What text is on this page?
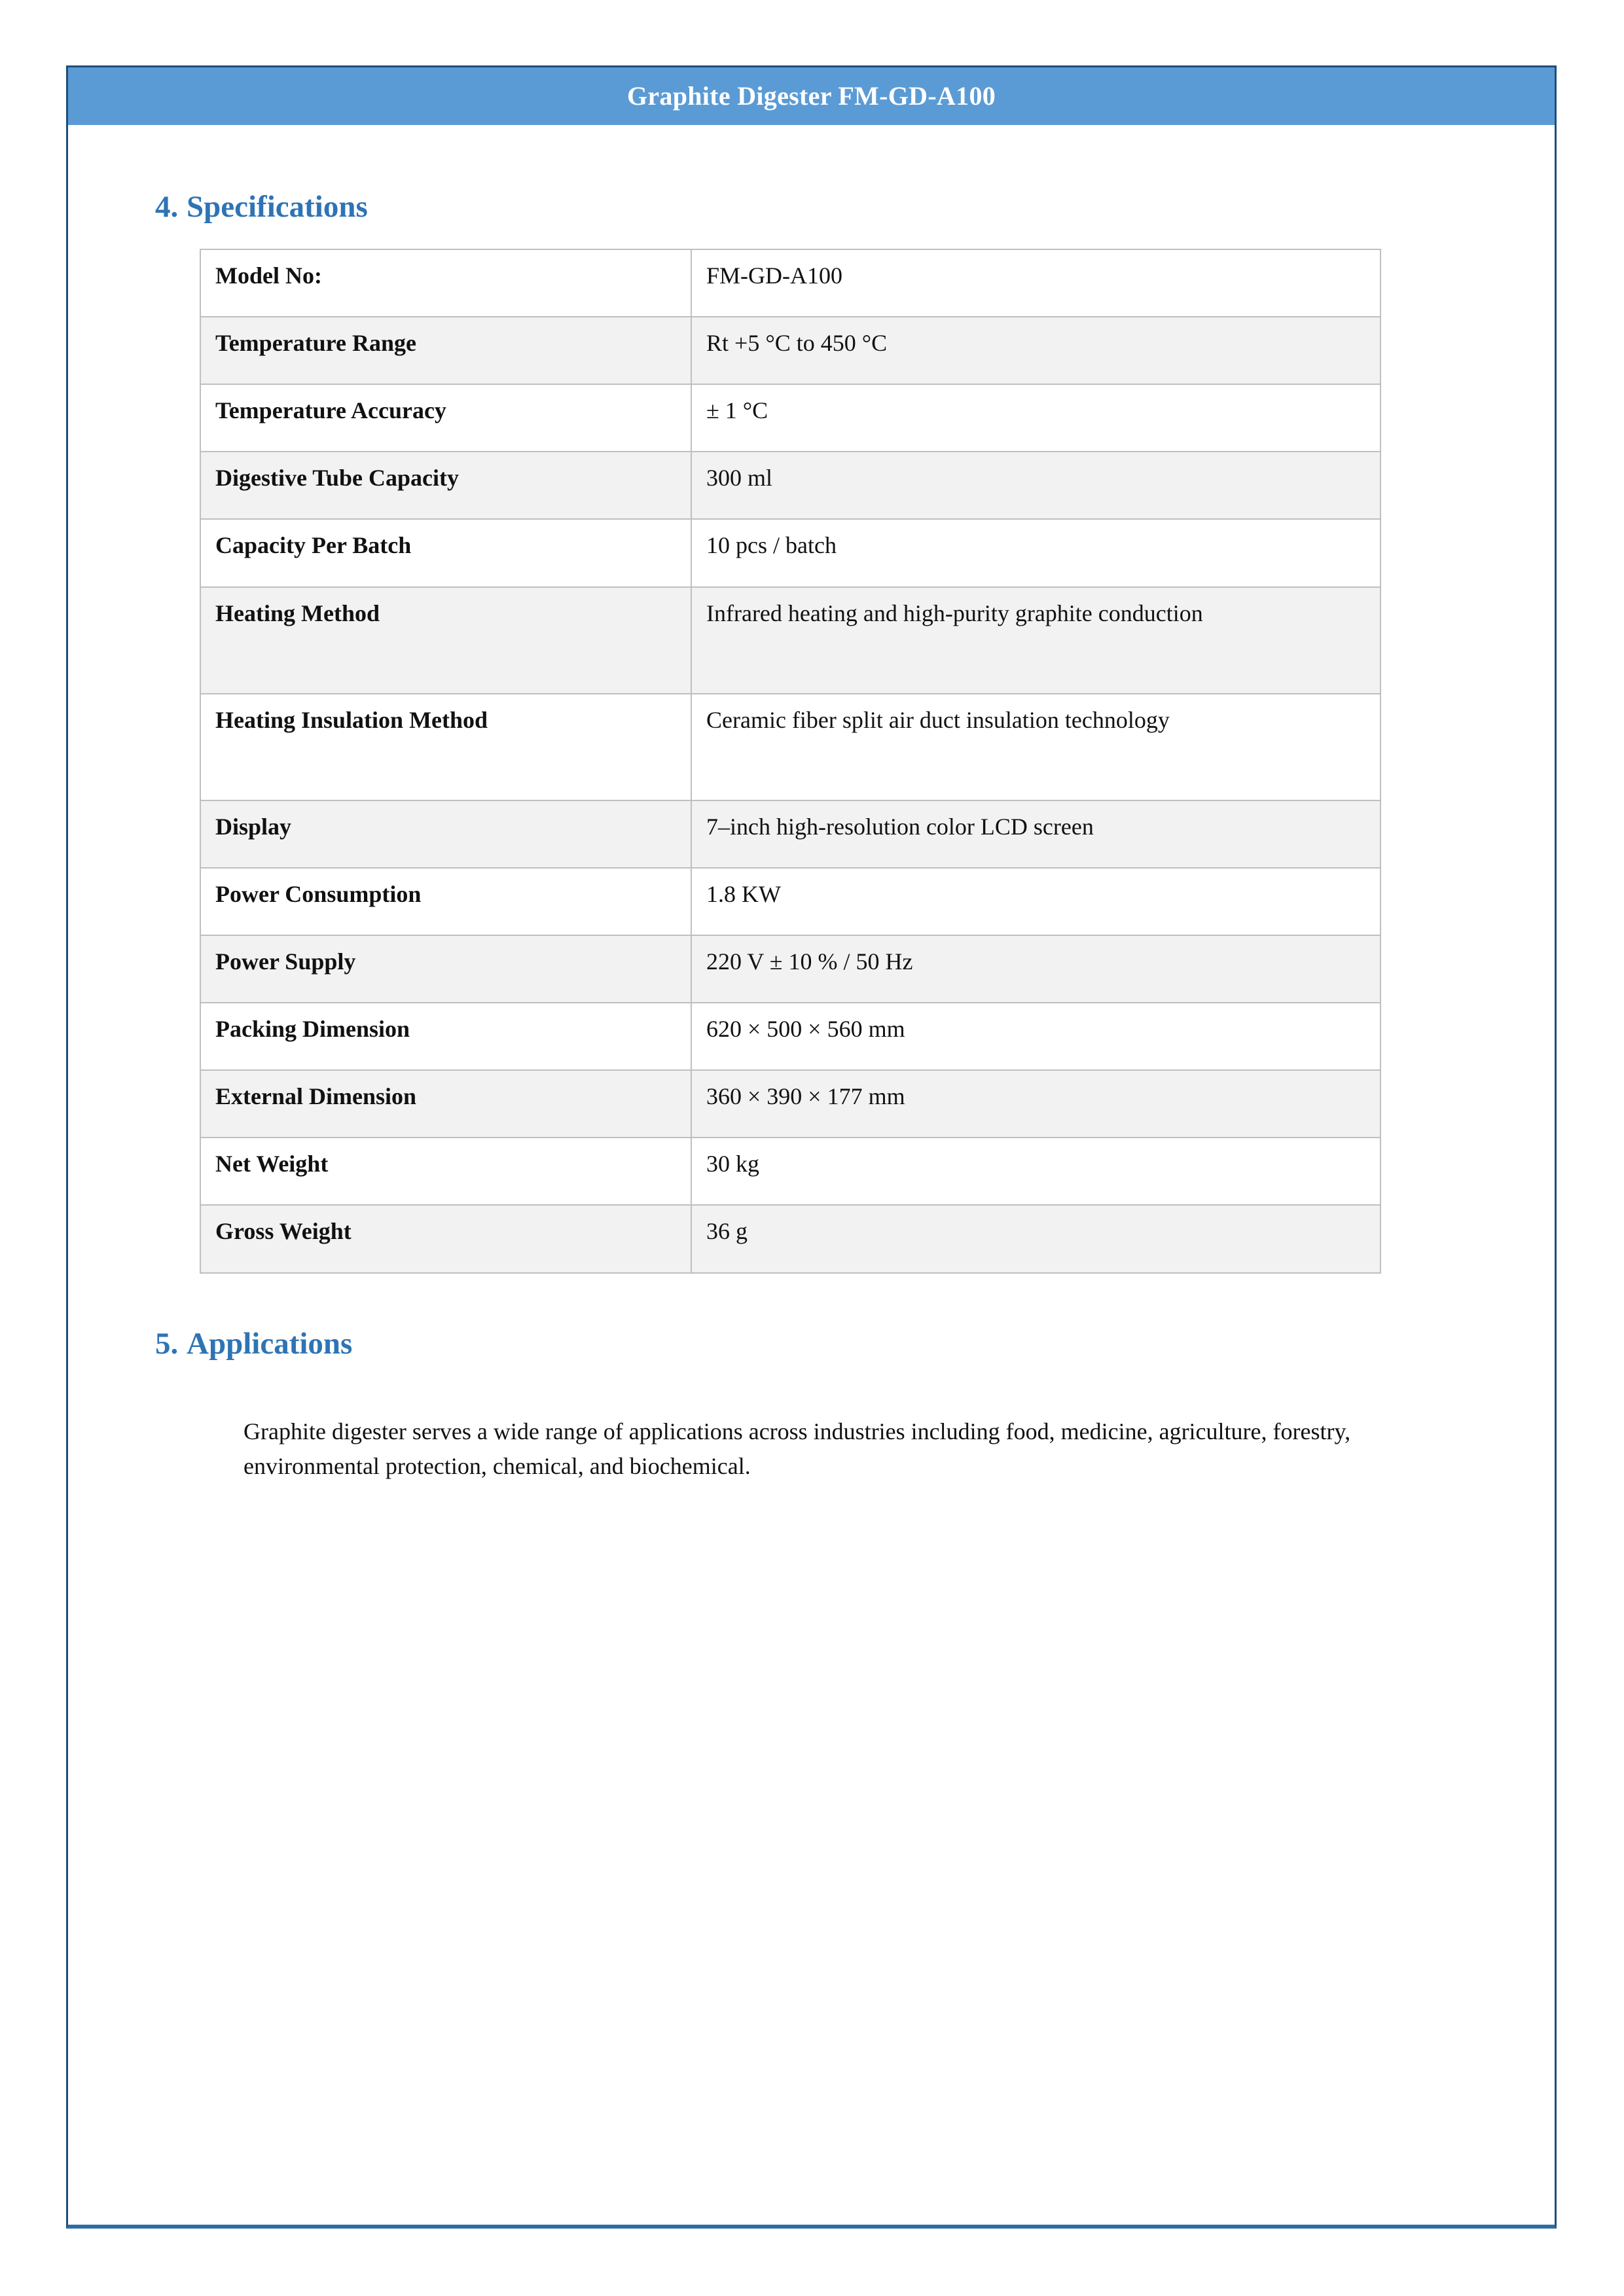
Graphite Digester FM-GD-A100
4. Specifications
Model No:	FM-GD-A100
Temperature Range	Rt +5 °C to 450 °C
Temperature Accuracy	± 1 °C
Digestive Tube Capacity	300 ml
Capacity Per Batch	10 pcs / batch
Heating Method	Infrared heating and high-purity graphite conduction
Heating Insulation Method	Ceramic fiber split air duct insulation technology
Display	7–inch high-resolution color LCD screen
Power Consumption	1.8 KW
Power Supply	220 V ± 10 % / 50 Hz
Packing Dimension	620 × 500 × 560 mm
External Dimension	360 × 390 × 177 mm
Net Weight	30 kg
Gross Weight	36 g
5. Applications

Graphite digester serves a wide range of applications across industries including food, medicine, agriculture, forestry, environmental protection, chemical, and biochemical.
